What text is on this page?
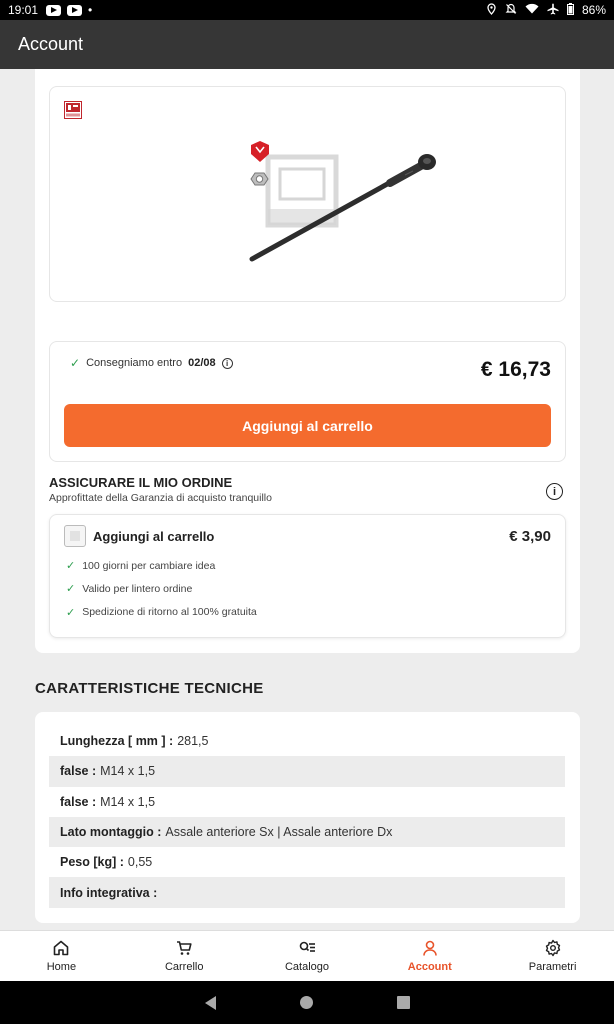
19:01	•	86%
Account
✓ Consegniamo entro 02/08	i	€ 16,73
Aggiungi al carrello
ASSICURARE IL MIO ORDINE
Approfittate della Garanzia di acquisto tranquillo
i
Aggiungi al carrello	€ 3,90
✓ 100 giorni per cambiare idea
✓ Valido per lintero ordine
✓ Spedizione di ritorno al 100% gratuita
CARATTERISTICHE TECNICHE
Lunghezza [ mm ] : 281,5
false : M14 x 1,5
false : M14 x 1,5
Lato montaggio : Assale anteriore Sx | Assale anteriore Dx
Peso [kg] : 0,55
Info integrativa :
Home	Carrello	Catalogo	Account	Parametri
